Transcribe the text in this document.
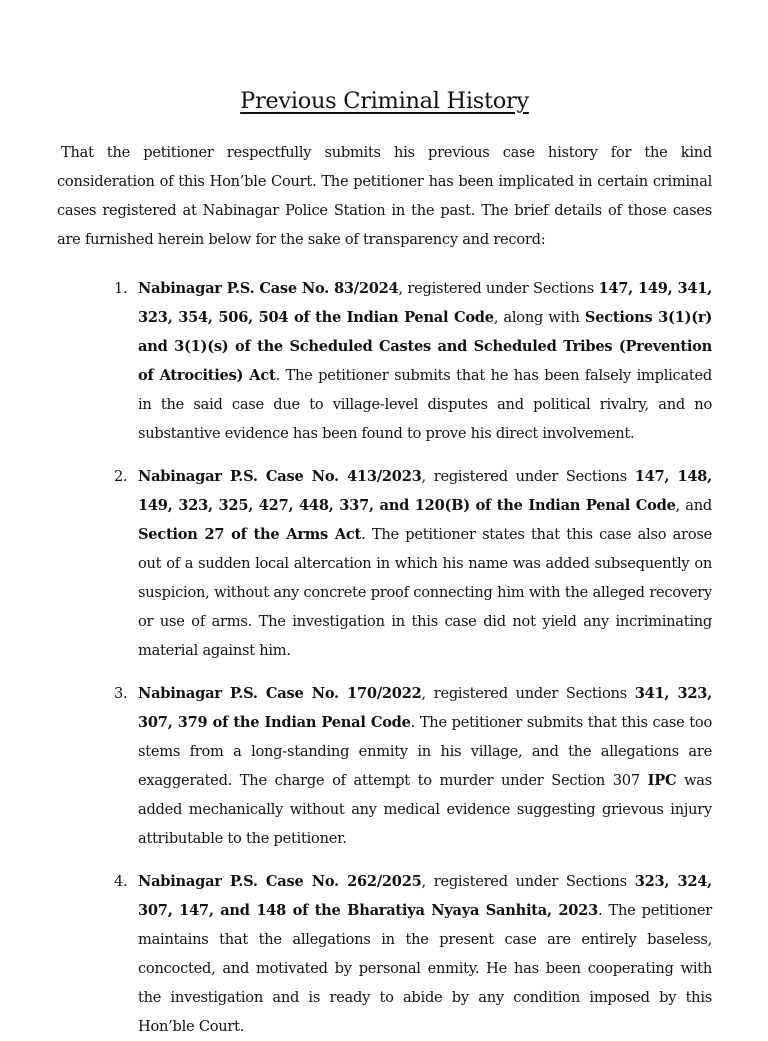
Previous Criminal History

That the petitioner respectfully submits his previous case history for the kind consideration of this Hon’ble Court. The petitioner has been implicated in certain criminal cases registered at Nabinagar Police Station in the past. The brief details of those cases are furnished herein below for the sake of transparency and record:

1. Nabinagar P.S. Case No. 83/2024, registered under Sections 147, 149, 341, 323, 354, 506, 504 of the Indian Penal Code, along with Sections 3(1)(r) and 3(1)(s) of the Scheduled Castes and Scheduled Tribes (Prevention of Atrocities) Act. The petitioner submits that he has been falsely implicated in the said case due to village-level disputes and political rivalry, and no substantive evidence has been found to prove his direct involvement.
2. Nabinagar P.S. Case No. 413/2023, registered under Sections 147, 148, 149, 323, 325, 427, 448, 337, and 120(B) of the Indian Penal Code, and Section 27 of the Arms Act. The petitioner states that this case also arose out of a sudden local altercation in which his name was added subsequently on suspicion, without any concrete proof connecting him with the alleged recovery or use of arms. The investigation in this case did not yield any incriminating material against him.
3. Nabinagar P.S. Case No. 170/2022, registered under Sections 341, 323, 307, 379 of the Indian Penal Code. The petitioner submits that this case too stems from a long-standing enmity in his village, and the allegations are exaggerated. The charge of attempt to murder under Section 307 IPC was added mechanically without any medical evidence suggesting grievous injury attributable to the petitioner.
4. Nabinagar P.S. Case No. 262/2025, registered under Sections 323, 324, 307, 147, and 148 of the Bharatiya Nyaya Sanhita, 2023. The petitioner maintains that the allegations in the present case are entirely baseless, concocted, and motivated by personal enmity. He has been cooperating with the investigation and is ready to abide by any condition imposed by this Hon’ble Court.
